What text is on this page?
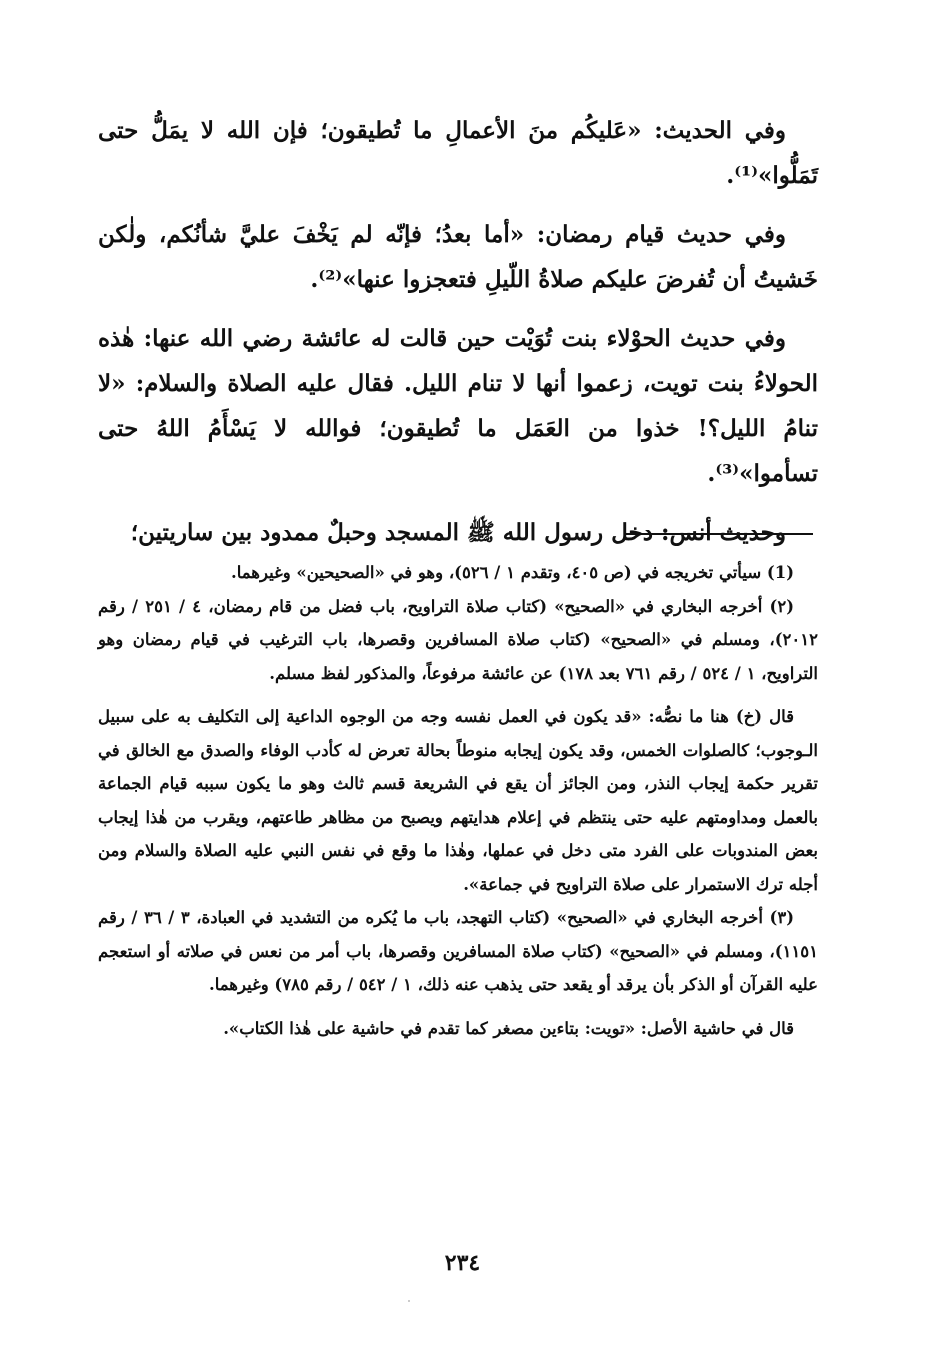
وفي الحديث: «عَليكُم منَ الأعمالِ ما تُطيقون؛ فإن الله لا يمَلُّ حتى تَمَلُّوا»⁽¹⁾.

وفي حديث قيام رمضان: «أما بعدُ؛ فإنّه لم يَخْفَ عليَّ شأنُكم، ولٰكن خَشيتُ أن تُفرضَ عليكم صلاةُ اللّيلِ فتعجزوا عنها»⁽²⁾.

وفي حديث الحوْلاء بنت تُوَيْت حين قالت له عائشة رضي الله عنها: هٰذه الحولاءُ بنت تويت، زعموا أنها لا تنام الليل. فقال عليه الصلاة والسلام: «لا تنامُ الليل؟! خذوا من العَمَل ما تُطيقون؛ فوالله لا يَسْأَمُ اللهُ حتى تسأموا»⁽³⁾.

وحديث أنس: دخل رسول الله ﷺ المسجد وحبلٌ ممدود بين ساريتين؛

(1) سيأتي تخريجه في (ص ٤٠٥، وتقدم ١ / ٥٢٦)، وهو في «الصحيحين» وغيرهما.

(٢) أخرجه البخاري في «الصحيح» (كتاب صلاة التراويح، باب فضل من قام رمضان، ٤ / ٢٥١ / رقم ٢٠١٢)، ومسلم في «الصحيح» (كتاب صلاة المسافرين وقصرها، باب الترغيب في قيام رمضان وهو التراويح، ١ / ٥٢٤ / رقم ٧٦١ بعد ١٧٨) عن عائشة مرفوعاً، والمذكور لفظ مسلم.

قال (خ) هنا ما نصُّه: «قد يكون في العمل نفسه وجه من الوجوه الداعية إلى التكليف به على سبيل الـوجوب؛ كالصلوات الخمس، وقد يكون إيجابه منوطاً بحالة تعرض له كأدب الوفاء والصدق مع الخالق في تقرير حكمة إيجاب النذر، ومن الجائز أن يقع في الشريعة قسم ثالث وهو ما يكون سببه قيام الجماعة بالعمل ومداومتهم عليه حتى ينتظم في إعلام هدايتهم ويصبح من مظاهر طاعتهم، ويقرب من هٰذا إيجاب بعض المندوبات على الفرد متى دخل في عملها، وهٰذا ما وقع في نفس النبي عليه الصلاة والسلام ومن أجله ترك الاستمرار على صلاة التراويح في جماعة».

(٣) أخرجه البخاري في «الصحيح» (كتاب التهجد، باب ما يُكره من التشديد في العبادة، ٣ / ٣٦ / رقم ١١٥١)، ومسلم في «الصحيح» (كتاب صلاة المسافرين وقصرها، باب أمر من نعس في صلاته أو استعجم عليه القرآن أو الذكر بأن يرقد أو يقعد حتى يذهب عنه ذلك، ١ / ٥٤٢ / رقم ٧٨٥) وغيرهما.

قال في حاشية الأصل: «تويت: بتاءين مصغر كما تقدم في حاشية على هٰذا الكتاب».

٢٣٤
